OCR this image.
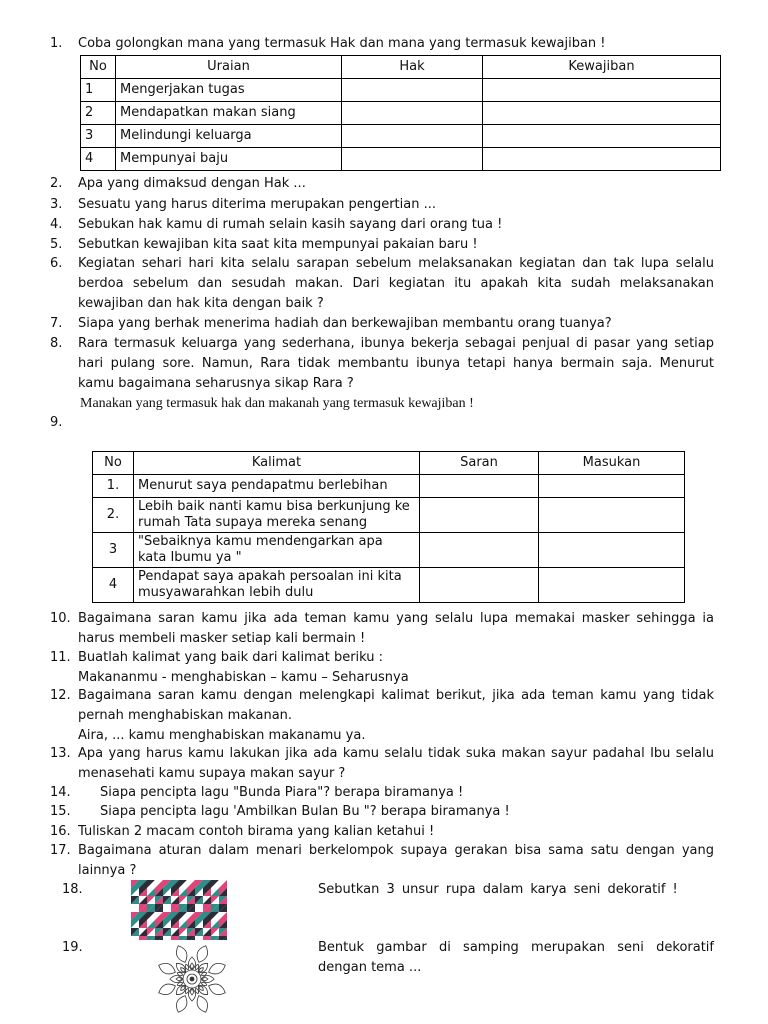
1.	Coba golongkan mana yang termasuk Hak dan mana yang termasuk kewajiban !
No	Uraian	Hak	Kewajiban
1	Mengerjakan tugas		
2	Mendapatkan makan siang		
3	Melindungi keluarga		
4	Mempunyai baju		
2.	Apa yang dimaksud dengan Hak ...
3.	Sesuatu yang harus diterima merupakan pengertian ...
4.	Sebukan hak kamu di rumah selain kasih sayang dari orang tua !
5.	Sebutkan kewajiban kita saat kita mempunyai pakaian baru !
6.	Kegiatan sehari hari kita selalu sarapan sebelum melaksanakan kegiatan dan tak lupa selalu berdoa sebelum dan sesudah makan. Dari kegiatan itu apakah kita sudah melaksanakan kewajiban dan hak kita dengan baik ?
7.	Siapa yang berhak menerima hadiah dan berkewajiban membantu orang tuanya?
8.	Rara termasuk keluarga yang sederhana, ibunya bekerja sebagai penjual di pasar yang setiap hari pulang sore. Namun, Rara tidak membantu ibunya tetapi hanya bermain saja. Menurut kamu bagaimana seharusnya sikap Rara ?
Manakan yang termasuk hak dan makanah yang termasuk kewajiban !
9.
No	Kalimat	Saran	Masukan
1.	Menurut saya pendapatmu berlebihan		
2.	Lebih baik nanti kamu bisa berkunjung ke rumah Tata supaya mereka senang		
3	"Sebaiknya kamu mendengarkan apa kata Ibumu ya "		
4	Pendapat saya apakah persoalan ini kita musyawarahkan lebih dulu		
10. Bagaimana saran kamu jika ada teman kamu yang selalu lupa memakai masker sehingga ia harus membeli masker setiap kali bermain !
11. Buatlah kalimat yang baik dari kalimat beriku :
Makananmu - menghabiskan – kamu – Seharusnya
12. Bagaimana saran kamu dengan melengkapi kalimat berikut, jika ada teman kamu yang tidak pernah menghabiskan makanan.
Aira, ... kamu menghabiskan makanamu ya.
13. Apa yang harus kamu lakukan jika ada kamu selalu tidak suka makan sayur padahal Ibu selalu menasehati kamu supaya makan sayur ?
14.	Siapa pencipta lagu "Bunda Piara"? berapa biramanya !
15.	Siapa pencipta lagu 'Ambilkan Bulan Bu "? berapa biramanya !
16. Tuliskan 2 macam contoh birama yang kalian ketahui !
17. Bagaimana aturan dalam menari berkelompok supaya gerakan bisa sama satu dengan yang lainnya ?
18.	Sebutkan 3 unsur rupa dalam karya seni dekoratif !
19.	Bentuk gambar di samping merupakan seni dekoratif dengan tema ...
